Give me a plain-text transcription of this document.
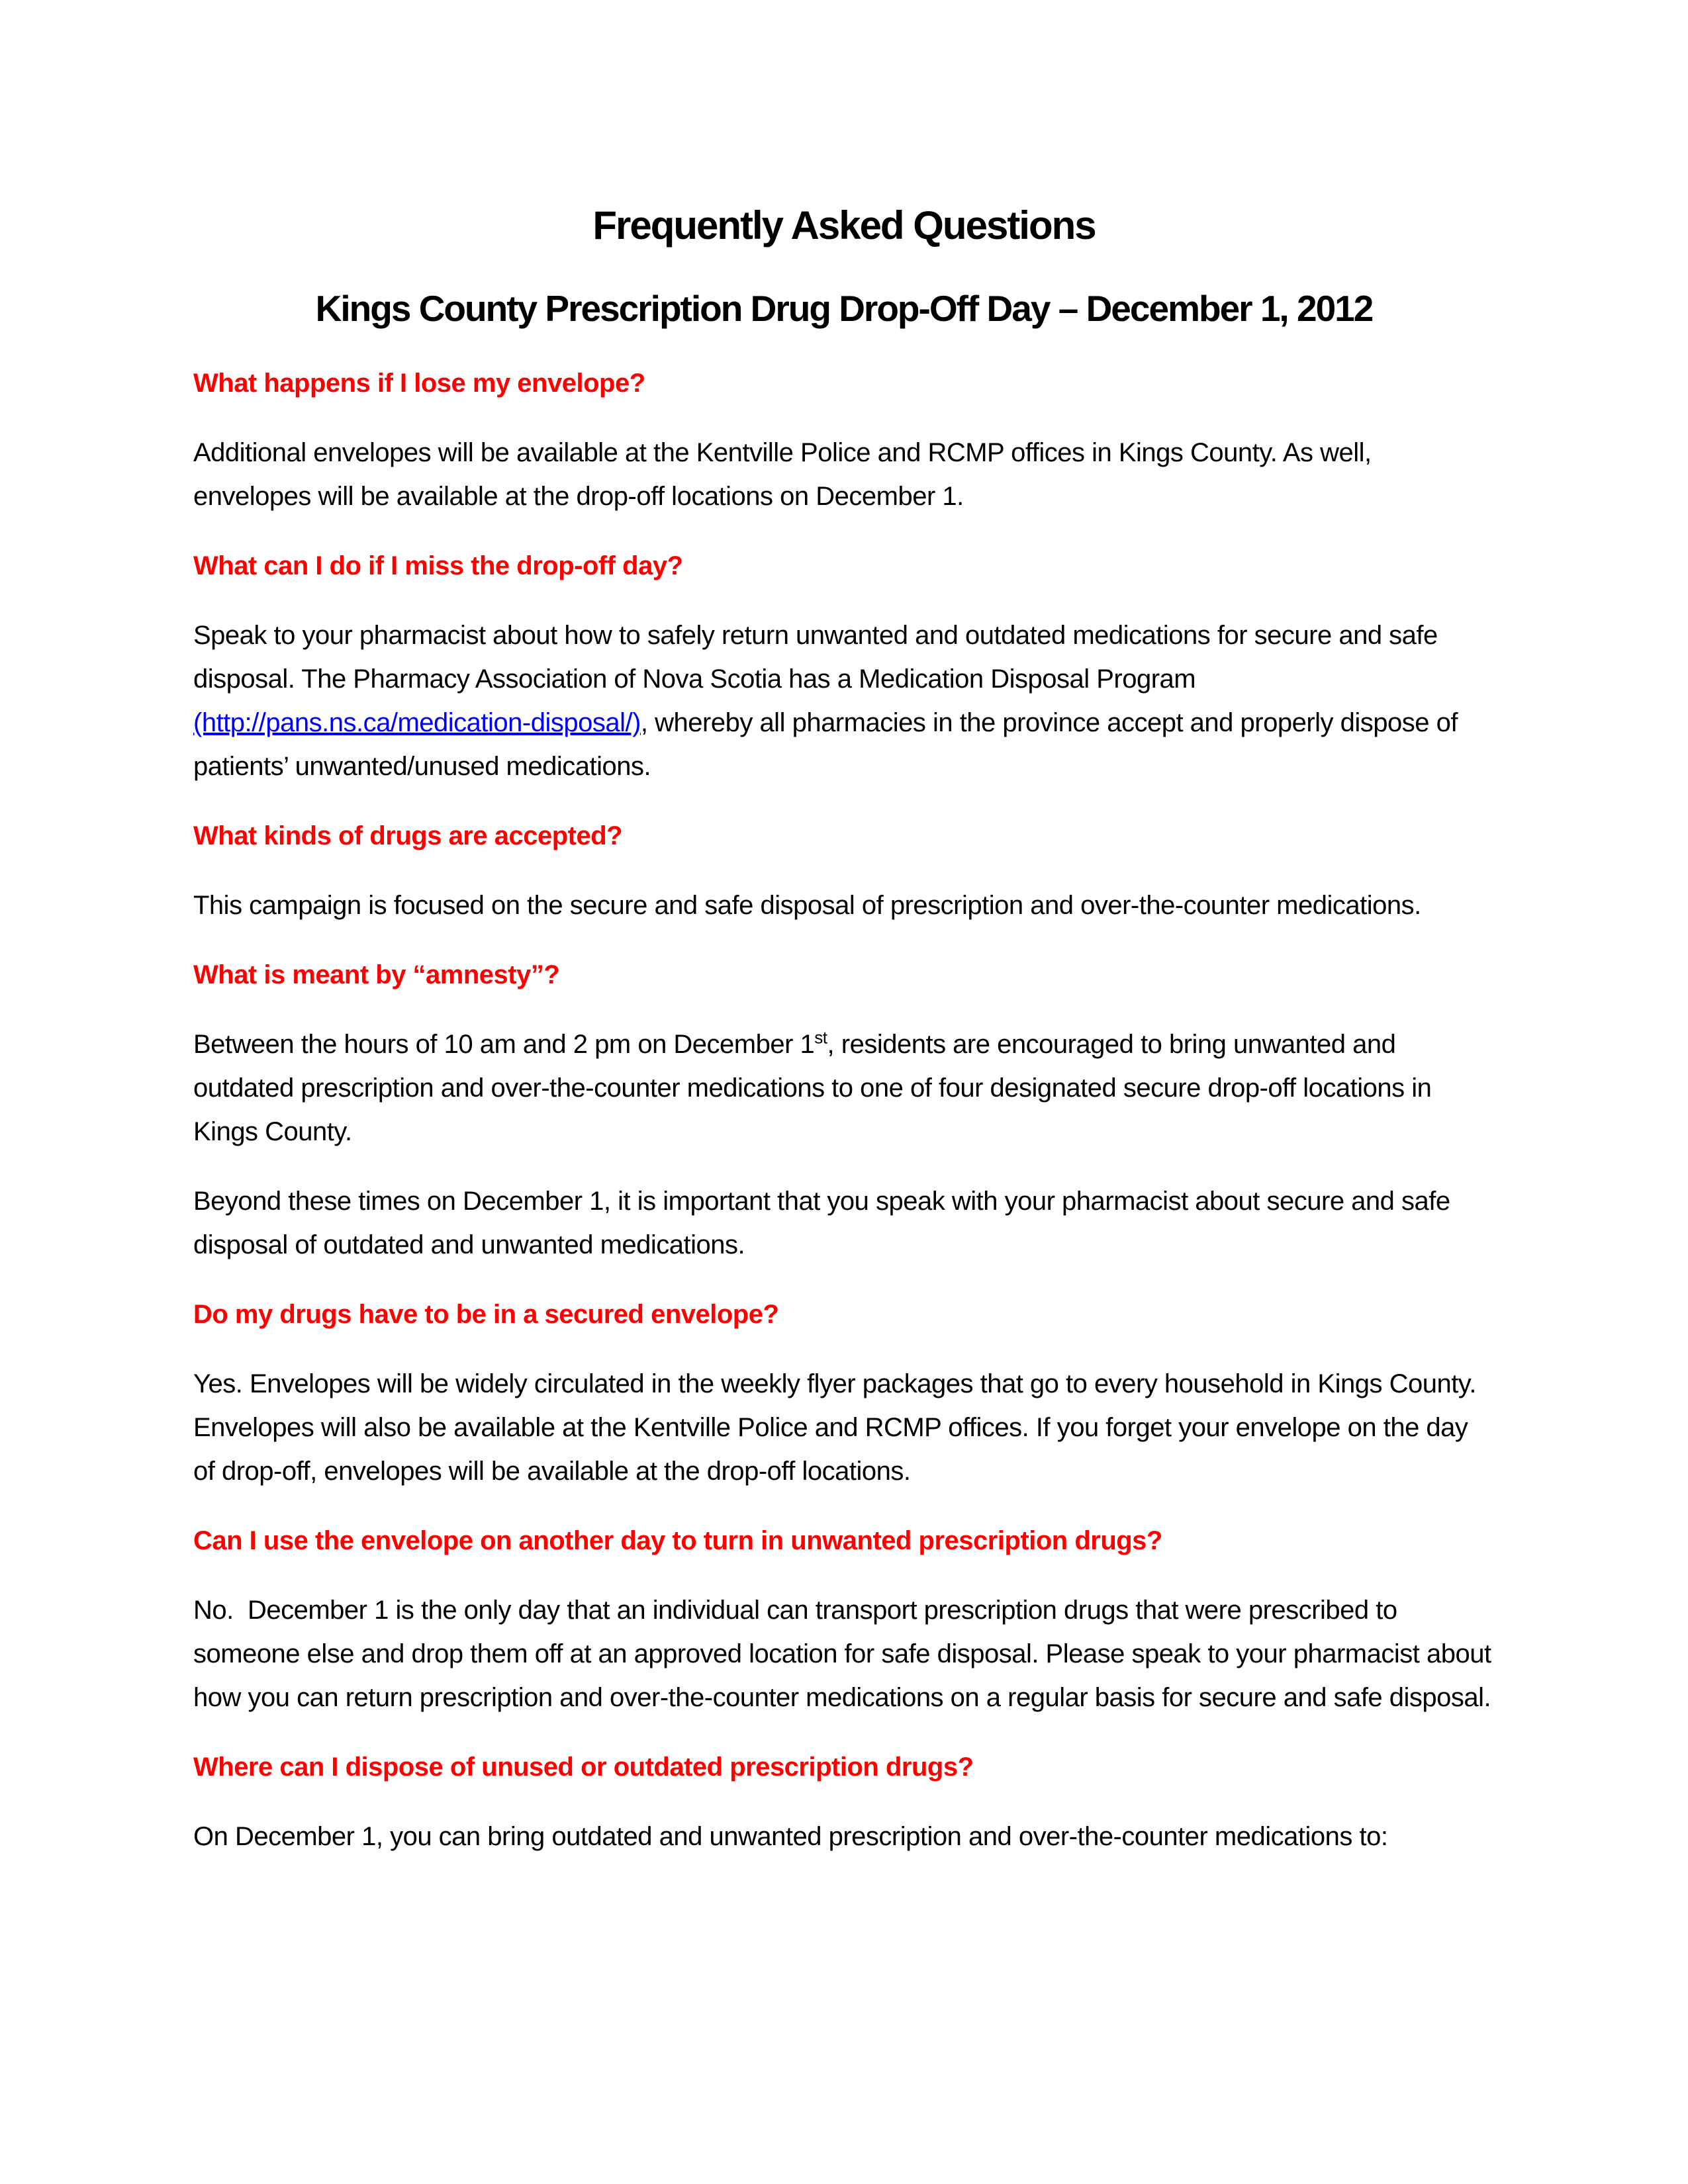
Frequently Asked Questions
Kings County Prescription Drug Drop-Off Day – December 1, 2012

What happens if I lose my envelope?

Additional envelopes will be available at the Kentville Police and RCMP offices in Kings County. As well, envelopes will be available at the drop-off locations on December 1.

What can I do if I miss the drop-off day?

Speak to your pharmacist about how to safely return unwanted and outdated medications for secure and safe disposal. The Pharmacy Association of Nova Scotia has a Medication Disposal Program (http://pans.ns.ca/medication-disposal/), whereby all pharmacies in the province accept and properly dispose of patients’ unwanted/unused medications.

What kinds of drugs are accepted?

This campaign is focused on the secure and safe disposal of prescription and over-the-counter medications.

What is meant by “amnesty”?

Between the hours of 10 am and 2 pm on December 1st, residents are encouraged to bring unwanted and outdated prescription and over-the-counter medications to one of four designated secure drop-off locations in Kings County.

Beyond these times on December 1, it is important that you speak with your pharmacist about secure and safe disposal of outdated and unwanted medications.

Do my drugs have to be in a secured envelope?

Yes. Envelopes will be widely circulated in the weekly flyer packages that go to every household in Kings County. Envelopes will also be available at the Kentville Police and RCMP offices. If you forget your envelope on the day of drop-off, envelopes will be available at the drop-off locations.

Can I use the envelope on another day to turn in unwanted prescription drugs?

No.  December 1 is the only day that an individual can transport prescription drugs that were prescribed to someone else and drop them off at an approved location for safe disposal. Please speak to your pharmacist about how you can return prescription and over-the-counter medications on a regular basis for secure and safe disposal.

Where can I dispose of unused or outdated prescription drugs?

On December 1, you can bring outdated and unwanted prescription and over-the-counter medications to:
